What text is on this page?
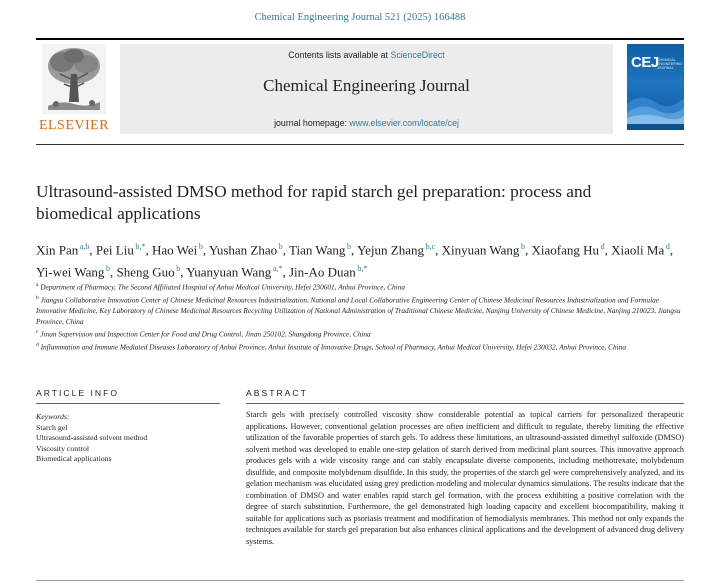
Chemical Engineering Journal 521 (2025) 166488
ELSEVIER
Contents lists available at ScienceDirect
Chemical Engineering Journal
journal homepage: www.elsevier.com/locate/cej
CEJ
CHEMICAL ENGINEERING JOURNAL
Ultrasound-assisted DMSO method for rapid starch gel preparation: process and biomedical applications
Xin Pan $^{a,b}$, Pei Liu $^{b,*}$, Hao Wei $^b$, Yushan Zhao $^b$, Tian Wang $^b$, Yejun Zhang $^{b,c}$, Xinyuan Wang $^b$, Xiaofang Hu $^d$, Xiaoli Ma $^d$, Yi-wei Wang $^b$, Sheng Guo $^b$, Yuanyuan Wang $^{a,*}$, Jin-Ao Duan $^{b,*}$
$^a$ Department of Pharmacy, The Second Affiliated Hospital of Anhui Medical University, Hefei 230601, Anhui Province, China
$^b$ Jiangsu Collaborative Innovation Center of Chinese Medicinal Resources Industrialization, National and Local Collaborative Engineering Center of Chinese Medicinal Resources Industrialization and Formulae Innovative Medicine, Key Laboratory of Chinese Medicinal Resources Recycling Utilization of National Administration of Traditional Chinese Medicine, Nanjing University of Chinese Medicine, Nanjing 210023, Jiangsu Province, China
$^c$ Jinan Supervision and Inspection Center for Food and Drug Control, Jinan 250102, Shangdong Province, China
$^d$ Inflammation and Immune Mediated Diseases Laboratory of Anhui Province, Anhui Institute of Innovative Drugs, School of Pharmacy, Anhui Medical University, Hefei 230032, Anhui Province, China
ARTICLE INFO	ABSTRACT
Keywords:
Starch gel
Ultrasound-assisted solvent method
Viscosity control
Biomedical applications

Starch gels with precisely controlled viscosity show considerable potential as topical carriers for personalized therapeutic applications. However, conventional gelation processes are often inefficient and difficult to regulate, thereby limiting the effective utilization of the favorable properties of starch gels. To address these limitations, an ultrasound-assisted dimethyl sulfoxide (DMSO) solvent method was developed to enable one-step gelation of starch derived from medicinal plant sources. This innovative approach produces gels with a wide viscosity range and can stably encapsulate diverse components, including methotrexate, molybdenum disulfide, and composite molybdenum disulfide. In this study, the properties of the starch gel were comprehensively analyzed, and its gelation mechanism was elucidated using grey prediction modeling and molecular dynamics simulations. The results indicate that the combination of DMSO and water enables rapid starch gel formation, with the process exhibiting a positive correlation with the degree of starch substitution. Furthermore, the gel demonstrated high loading capacity and excellent biocompatibility, making it suitable for applications such as psoriasis treatment and modification of hemodialysis membranes. This method not only expands the techniques available for starch gel preparation but also enhances clinical applications and the development of advanced drug delivery systems.
